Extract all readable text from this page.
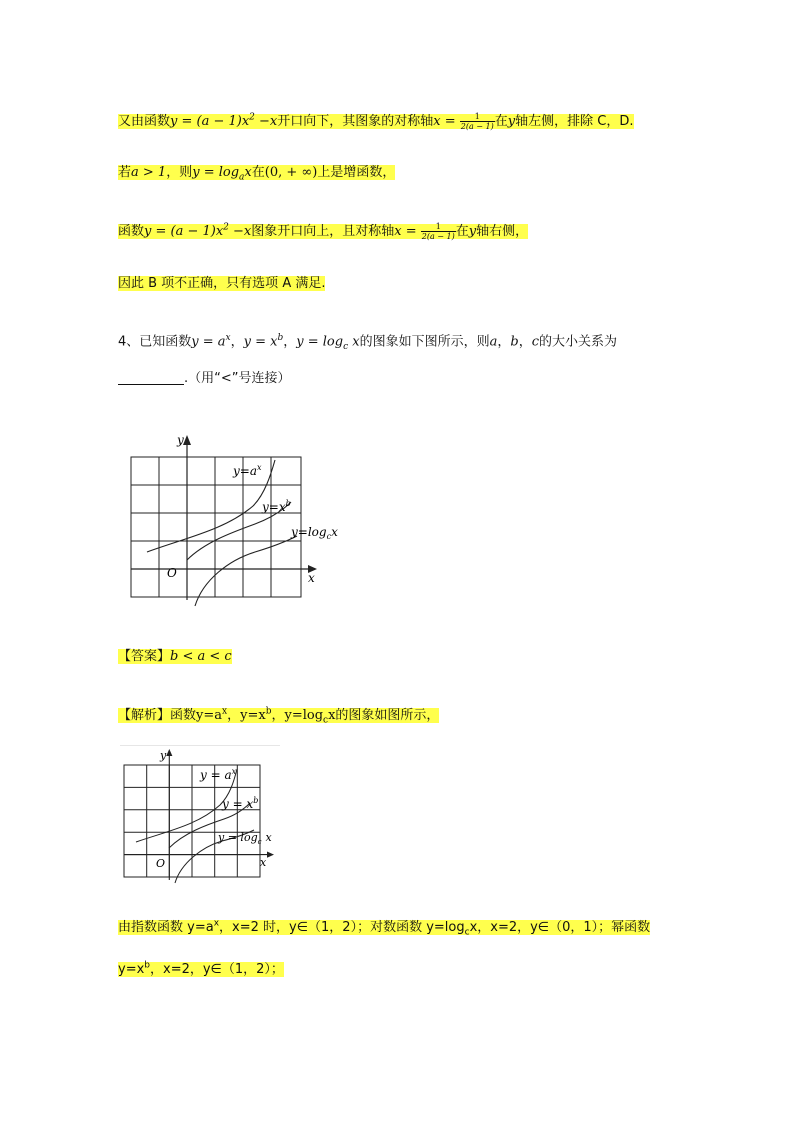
又由函数$y = (a - 1)x^2 -x$开口向下，其图象的对称轴$x = \frac{1}{2(a - 1)}$ 在y轴左侧，排除 C，D.
若a > 1，则$y = \log_ax$在(0, + ∞)上是增函数，
函数$y = (a - 1)x^2 -x$图象开口向上，且对称轴$x = \frac{1}{2(a - 1)}$ 在y轴右侧，
因此 B 项不正确，只有选项 A 满足.
4、已知函数$y = a^x$，$y = x^b$，$y = \log_c x$的图象如下图所示，则a，b，c的大小关系为
.（用“<”号连接）
y
x
O
$y=a^x$
$y=x^b$
$y=\log_cx$
【答案】b < a < c
【解析】函数$y=a^x$，$y=x^b$，$y=\log_cx$的图象如图所示，
y
x
O
$y = a^x$
$y = x^b$
$y = \log_c x$
由指数函数 $y=a^x$，x=2 时，y∈（1，2）；对数函数 $y=\log_cx$，x=2，y∈（0，1）；幂函数
$y=x^b$，x=2，y∈（1，2）；
